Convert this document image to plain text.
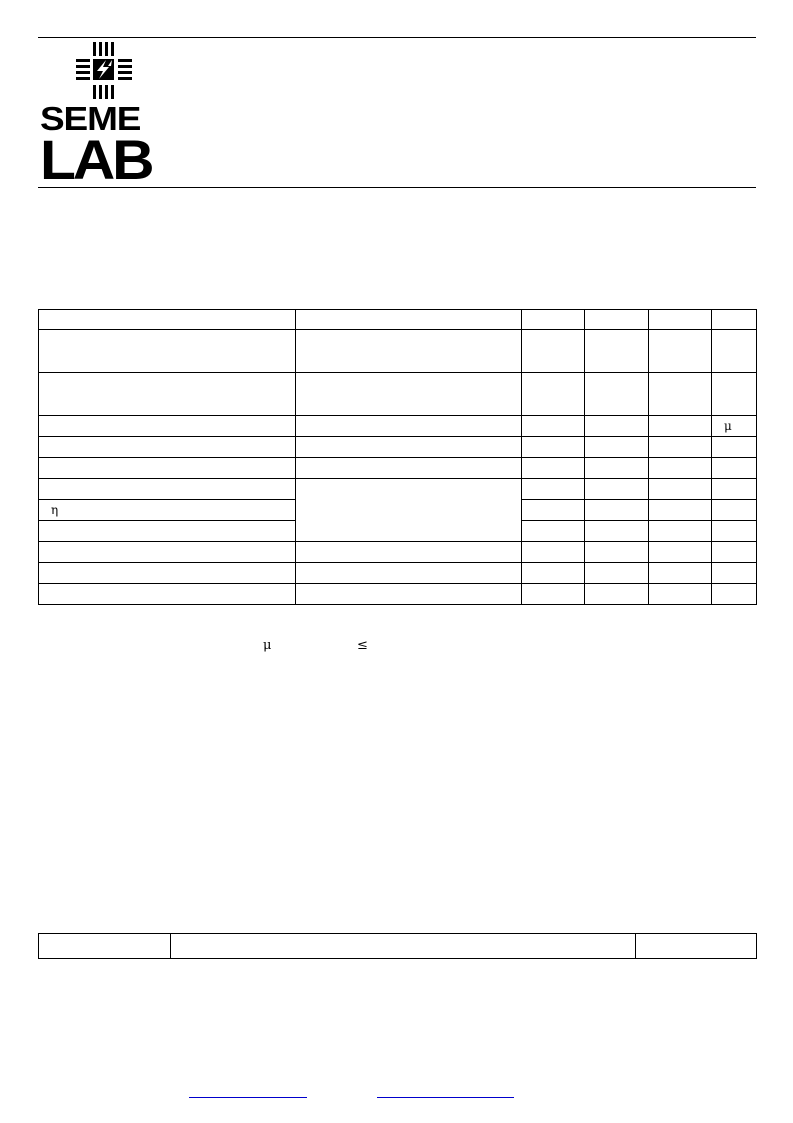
SEME

LAB

					μ

η					

μ	≤
